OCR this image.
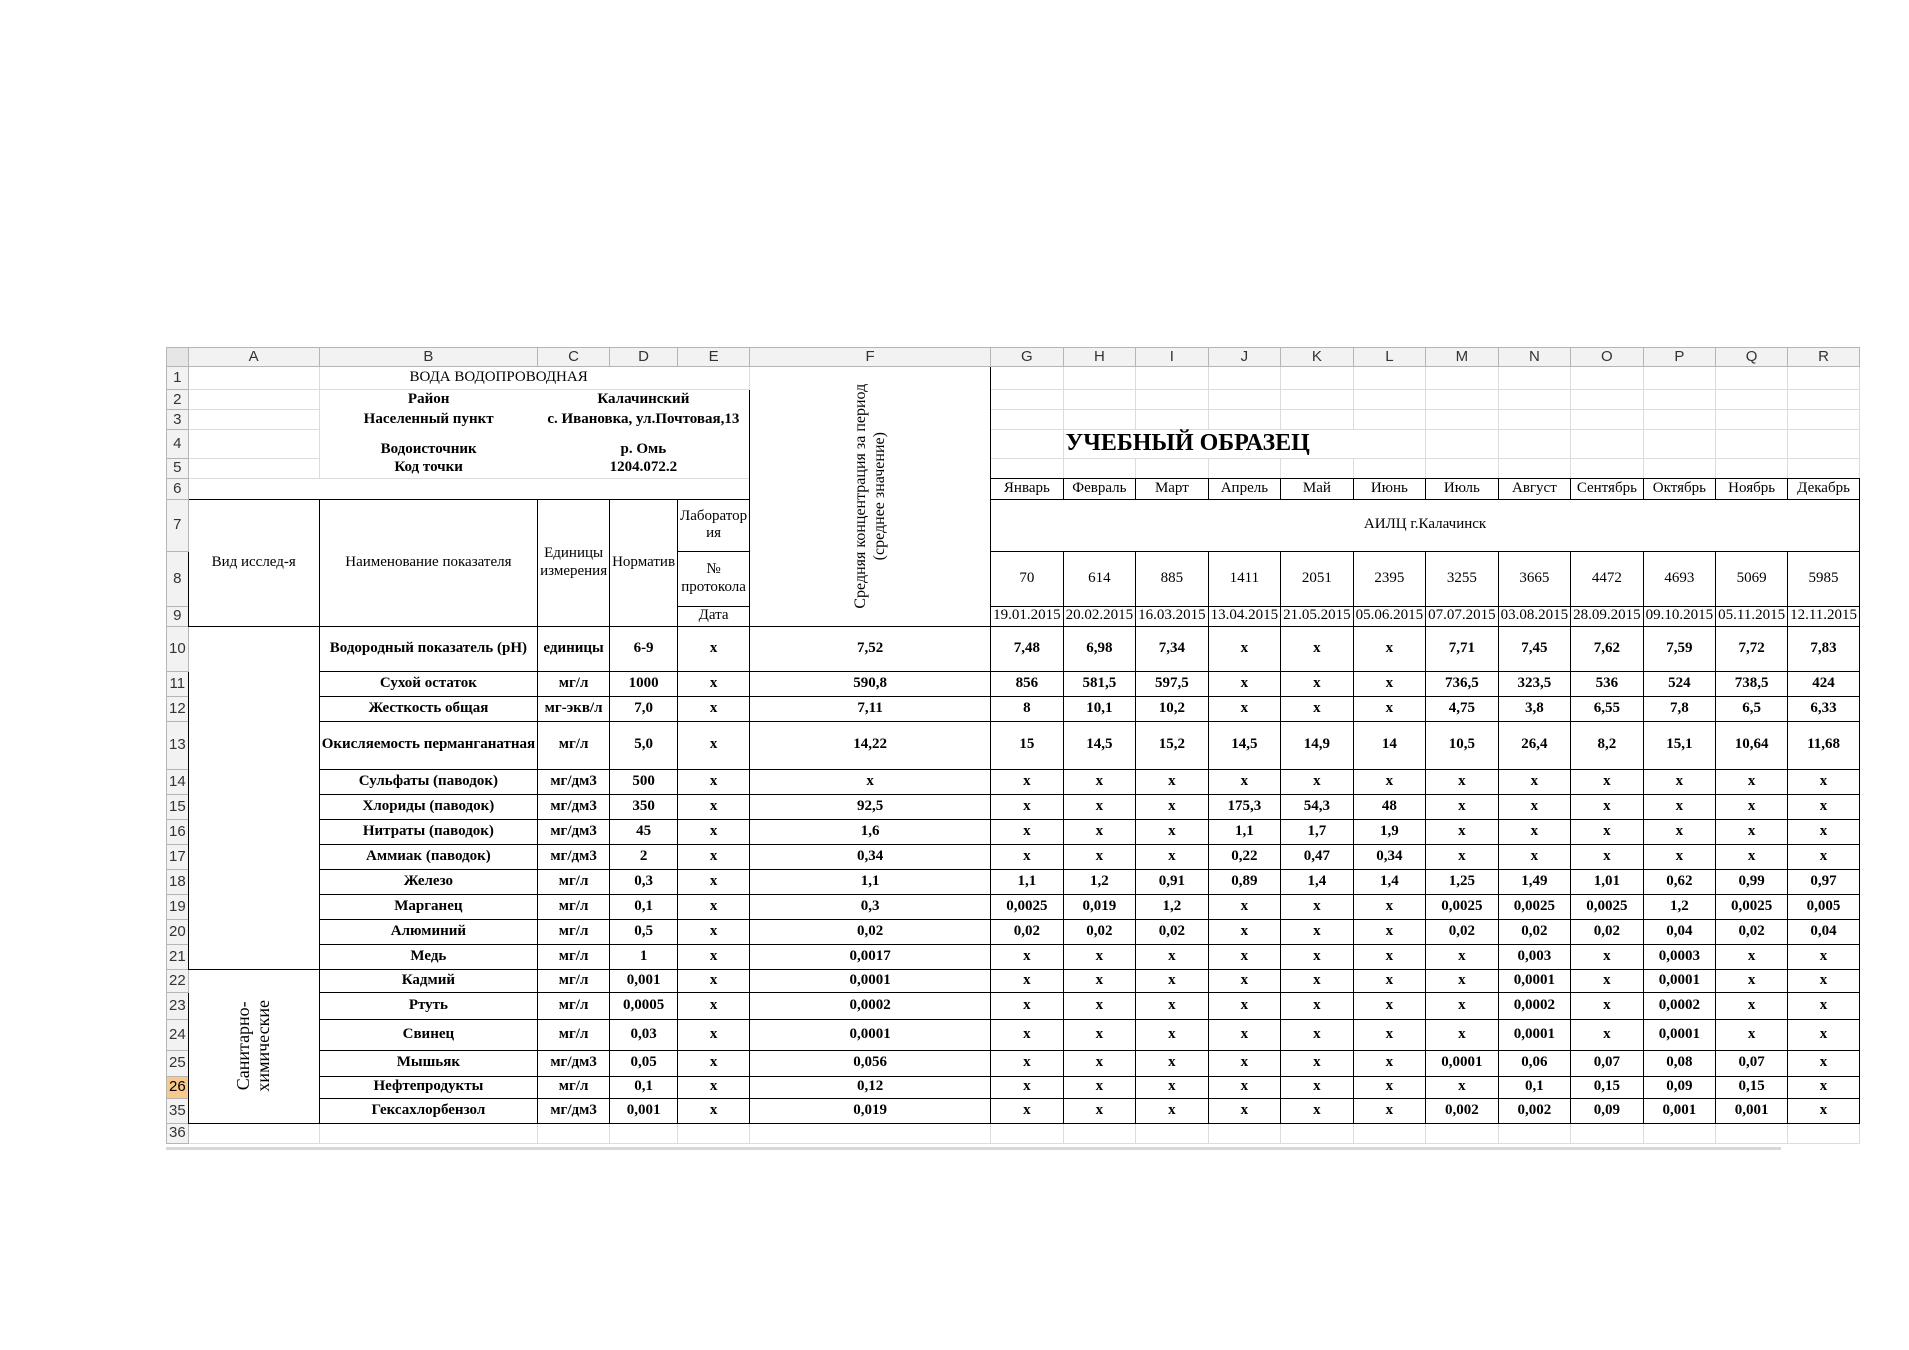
	A	B	C	D	E	F	G	H	I	J	K	L	M	N	O	P	Q	R
1		ВОДА ВОДОПРОВОДНАЯ				Средняя концентрация за период (среднее значение)												
2		Район	Калачинский															
3		Населенный пункт	с. Ивановка, ул.Почтовая,13															
4		Водоисточник	р. Омь					УЧЕБНЫЙ ОБРАЗЕЦ										
5		Код точки	1204.072.2															
6							Январь	Февраль	Март	Апрель	Май	Июнь	Июль	Август	Сентябрь	Октябрь	Ноябрь	Декабрь
7	Вид исслед-я	Наименование показателя	Единицы измерения	Норматив	Лаборатор ия		АИЛЦ г.Калачинск											
8					№ протокола		70	614	885	1411	2051	2395	3255	3665	4472	4693	5069	5985
9					Дата		19.01.2015	20.02.2015	16.03.2015	13.04.2015	21.05.2015	05.06.2015	07.07.2015	03.08.2015	28.09.2015	09.10.2015	05.11.2015	12.11.2015
10		Водородный показатель (pH)	единицы	6-9	x	7,52	7,48	6,98	7,34	x	x	x	7,71	7,45	7,62	7,59	7,72	7,83
11		Сухой остаток	мг/л	1000	x	590,8	856	581,5	597,5	x	x	x	736,5	323,5	536	524	738,5	424
12		Жесткость общая	мг-экв/л	7,0	x	7,11	8	10,1	10,2	x	x	x	4,75	3,8	6,55	7,8	6,5	6,33
13		Окисляемость перманганатная	мг/л	5,0	x	14,22	15	14,5	15,2	14,5	14,9	14	10,5	26,4	8,2	15,1	10,64	11,68
14		Сульфаты (паводок)	мг/дм3	500	x	x	x	x	x	x	x	x	x	x	x	x	x	x
15		Хлориды (паводок)	мг/дм3	350	x	92,5	x	x	x	175,3	54,3	48	x	x	x	x	x	x
16		Нитраты (паводок)	мг/дм3	45	x	1,6	x	x	x	1,1	1,7	1,9	x	x	x	x	x	x
17		Аммиак (паводок)	мг/дм3	2	x	0,34	x	x	x	0,22	0,47	0,34	x	x	x	x	x	x
18		Железо	мг/л	0,3	x	1,1	1,1	1,2	0,91	0,89	1,4	1,4	1,25	1,49	1,01	0,62	0,99	0,97
19		Марганец	мг/л	0,1	x	0,3	0,0025	0,019	1,2	x	x	x	0,0025	0,0025	0,0025	1,2	0,0025	0,005
20		Алюминий	мг/л	0,5	x	0,02	0,02	0,02	0,02	x	x	x	0,02	0,02	0,02	0,04	0,02	0,04
21		Медь	мг/л	1	x	0,0017	x	x	x	x	x	x	x	0,003	x	0,0003	x	x
22	Санитарно-химические	Кадмий	мг/л	0,001	x	0,0001	x	x	x	x	x	x	x	0,0001	x	0,0001	x	x
23		Ртуть	мг/л	0,0005	x	0,0002	x	x	x	x	x	x	x	0,0002	x	0,0002	x	x
24		Свинец	мг/л	0,03	x	0,0001	x	x	x	x	x	x	x	0,0001	x	0,0001	x	x
25		Мышьяк	мг/дм3	0,05	x	0,056	x	x	x	x	x	x	0,0001	0,06	0,07	0,08	0,07	x
26		Нефтепродукты	мг/л	0,1	x	0,12	x	x	x	x	x	x	x	0,1	0,15	0,09	0,15	x
35		Гексахлорбензол	мг/дм3	0,001	x	0,019	x	x	x	x	x	x	0,002	0,002	0,09	0,001	0,001	x
36																		
